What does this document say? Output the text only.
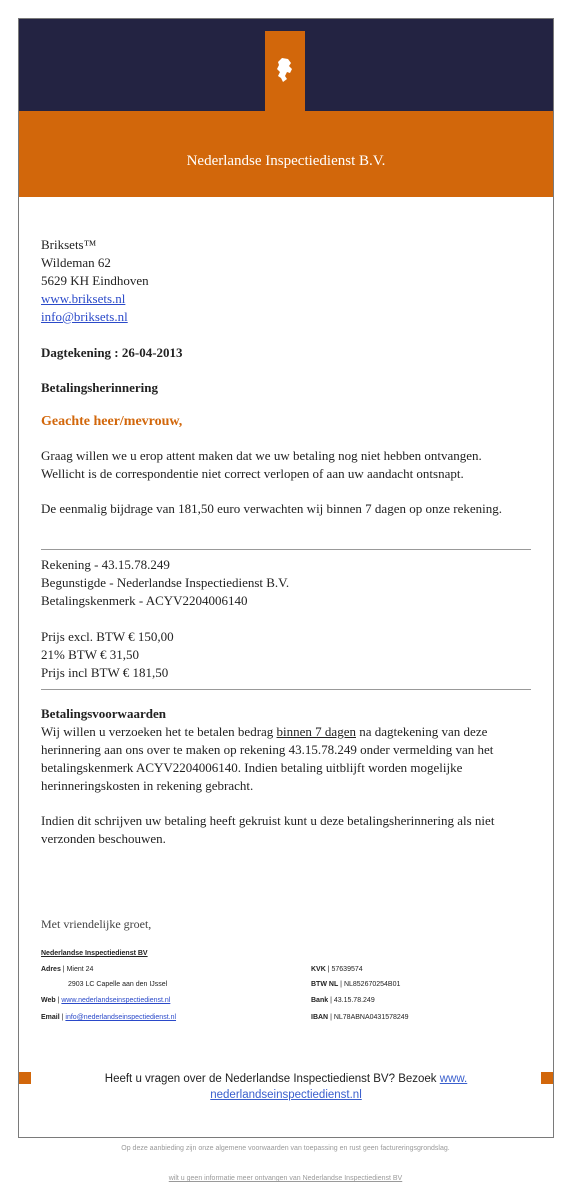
Nederlandse Inspectiedienst B.V.
Briksets™
Wildeman 62
5629 KH Eindhoven
www.briksets.nl
info@briksets.nl
Dagtekening : 26-04-2013
Betalingsherinnering
Geachte heer/mevrouw,
Graag willen we u erop attent maken dat we uw betaling nog niet hebben ontvangen.
Wellicht is de correspondentie niet correct verlopen of aan uw aandacht ontsnapt.
De eenmalig bijdrage van 181,50 euro verwachten wij binnen 7 dagen op onze rekening.
Rekening - 43.15.78.249
Begunstigde - Nederlandse Inspectiedienst B.V.
Betalingskenmerk - ACYV2204006140
Prijs excl. BTW € 150,00
21% BTW € 31,50
Prijs incl BTW € 181,50
Betalingsvoorwaarden
Wij willen u verzoeken het te betalen bedrag binnen 7 dagen na dagtekening van deze
herinnering aan ons over te maken op rekening 43.15.78.249 onder vermelding van het
betalingskenmerk ACYV2204006140. Indien betaling uitblijft worden mogelijke
herinneringskosten in rekening gebracht.
Indien dit schrijven uw betaling heeft gekruist kunt u deze betalingsherinnering als niet
verzonden beschouwen.
Met vriendelijke groet,
Nederlandse Inspectiedienst BV
Adres | Mient 24
2903 LC Capelle aan den IJssel
Web | www.nederlandseinspectiedienst.nl
Email | info@nederlandseinspectiedienst.nl
KVK | 57639574
BTW NL | NL852670254B01
Bank | 43.15.78.249
IBAN | NL78ABNA0431578249
Heeft u vragen over de Nederlandse Inspectiedienst BV? Bezoek www.
nederlandseinspectiedienst.nl
Op deze aanbieding zijn onze algemene voorwaarden van toepassing en rust geen factureringsgrondslag.
wilt u geen informatie meer ontvangen van Nederlandse Inspectiedienst BV
